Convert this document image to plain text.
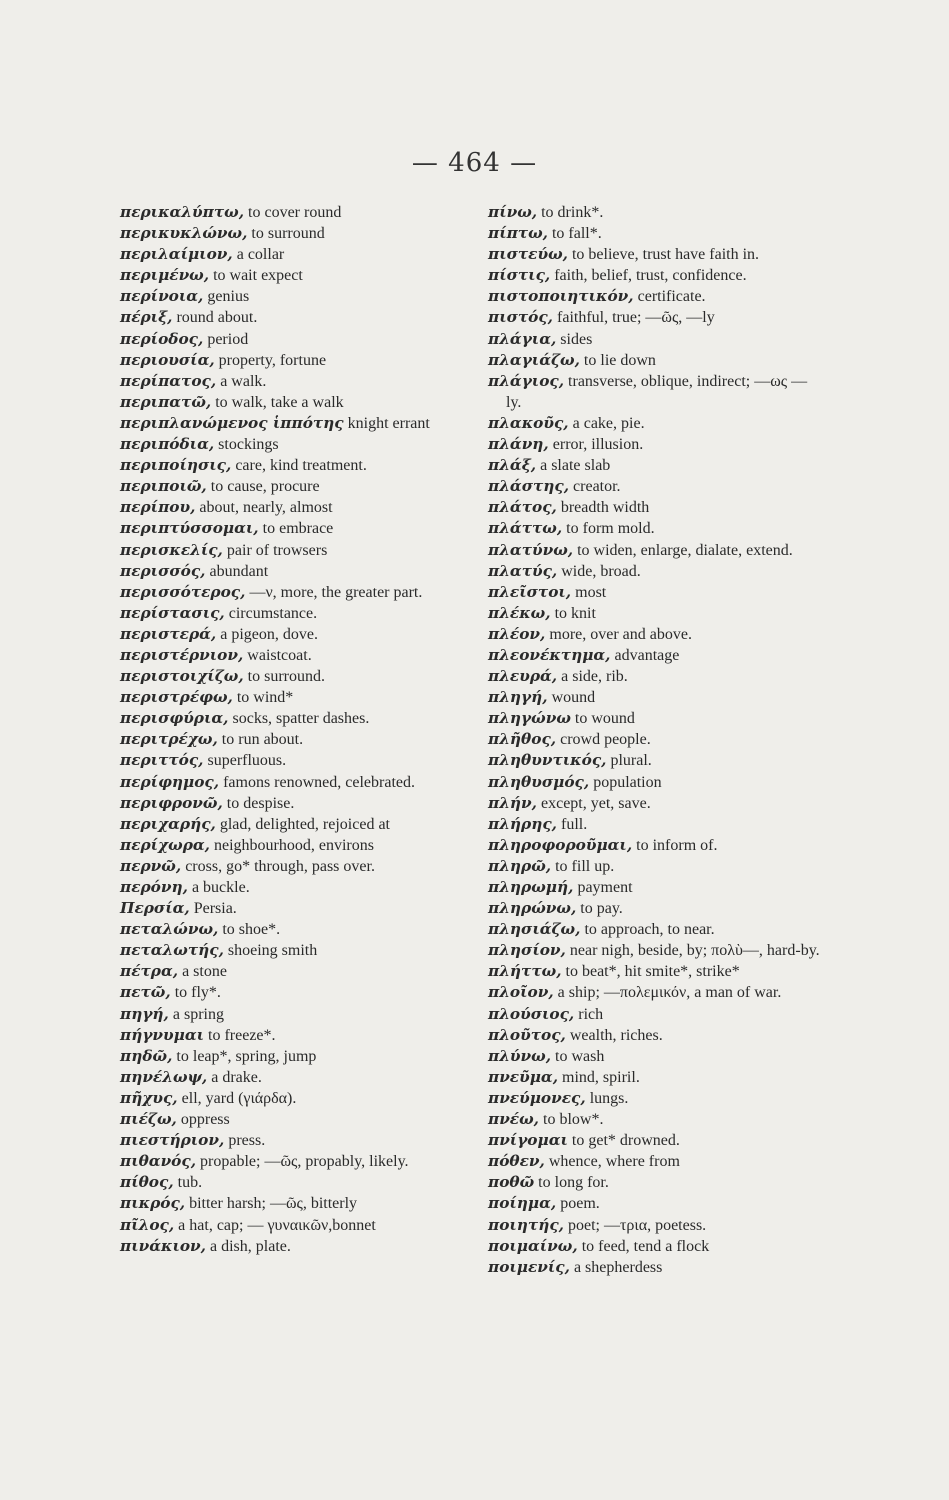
— 464 —
περικαλύπτω, to cover round
περικυκλώνω, to surround
περιλαίμιον, a collar
περιμένω, to wait expect
περίνοια, genius
πέριξ, round about.
περίοδος, period
περιουσία, property, fortune
περίπατος, a walk.
περιπατῶ, to walk, take a walk
περιπλανώμενος ἱππότης knight errant
περιπόδια, stockings
περιποίησις, care, kind treatment.
περιποιῶ, to cause, procure
περίπου, about, nearly, almost
περιπτύσσομαι, to embrace
περισκελίς, pair of trowsers
περισσός, abundant
περισσότερος, —ν, more, the greater part.
περίστασις, circumstance.
περιστερά, a pigeon, dove.
περιστέρνιον, waistcoat.
περιστοιχίζω, to surround.
περιστρέφω, to wind*
περισφύρια, socks, spatter dashes.
περιτρέχω, to run about.
περιττός, superfluous.
περίφημος, famons renowned, celebrated.
περιφρονῶ, to despise.
περιχαρής, glad, delighted, rejoiced at
περίχωρα, neighbourhood, environs
περνῶ, cross, go* through, pass over.
περόνη, a buckle.
Περσία, Persia.
πεταλώνω, to shoe*.
πεταλωτής, shoeing smith
πέτρα, a stone
πετῶ, to fly*.
πηγή, a spring
πήγνυμαι to freeze*.
πηδῶ, to leap*, spring, jump
πηνέλωψ, a drake.
πῆχυς, ell, yard (γιάρδα).
πιέζω, oppress
πιεστήριον, press.
πιθανός, propable; —ῶς, propably, likely.
πίθος, tub.
πικρός, bitter harsh; —ῶς, bitterly
πῖλος, a hat, cap; — γυναικῶν,bonnet
πινάκιον, a dish, plate.
πίνω, to drink*.
πίπτω, to fall*.
πιστεύω, to believe, trust have faith in.
πίστις, faith, belief, trust, confidence.
πιστοποιητικόν, certificate.
πιστός, faithful, true; —ῶς, —ly
πλάγια, sides
πλαγιάζω, to lie down
πλάγιος, transverse, oblique, indirect; —ως —ly.
πλακοῦς, a cake, pie.
πλάνη, error, illusion.
πλάξ, a slate slab
πλάστης, creator.
πλάτος, breadth width
πλάττω, to form mold.
πλατύνω, to widen, enlarge, dialate, extend.
πλατύς, wide, broad.
πλεῖστοι, most
πλέκω, to knit
πλέον, more, over and above.
πλεονέκτημα, advantage
πλευρά, a side, rib.
πληγή, wound
πληγώνω to wound
πλῆθος, crowd people.
πληθυντικός, plural.
πληθυσμός, population
πλήν, except, yet, save.
πλήρης, full.
πληροφοροῦμαι, to inform of.
πληρῶ, to fill up.
πληρωμή, payment
πληρώνω, to pay.
πλησιάζω, to approach, to near.
πλησίον, near nigh, beside, by; πολὺ—, hard-by.
πλήττω, to beat*, hit smite*, strike*
πλοῖον, a ship; —πολεμικόν, a man of war.
πλούσιος, rich
πλοῦτος, wealth, riches.
πλύνω, to wash
πνεῦμα, mind, spiril.
πνεύμονες, lungs.
πνέω, to blow*.
πνίγομαι to get* drowned.
πόθεν, whence, where from
ποθῶ to long for.
ποίημα, poem.
ποιητής, poet; —τρια, poetess.
ποιμαίνω, to feed, tend a flock
ποιμενίς, a shepherdess
